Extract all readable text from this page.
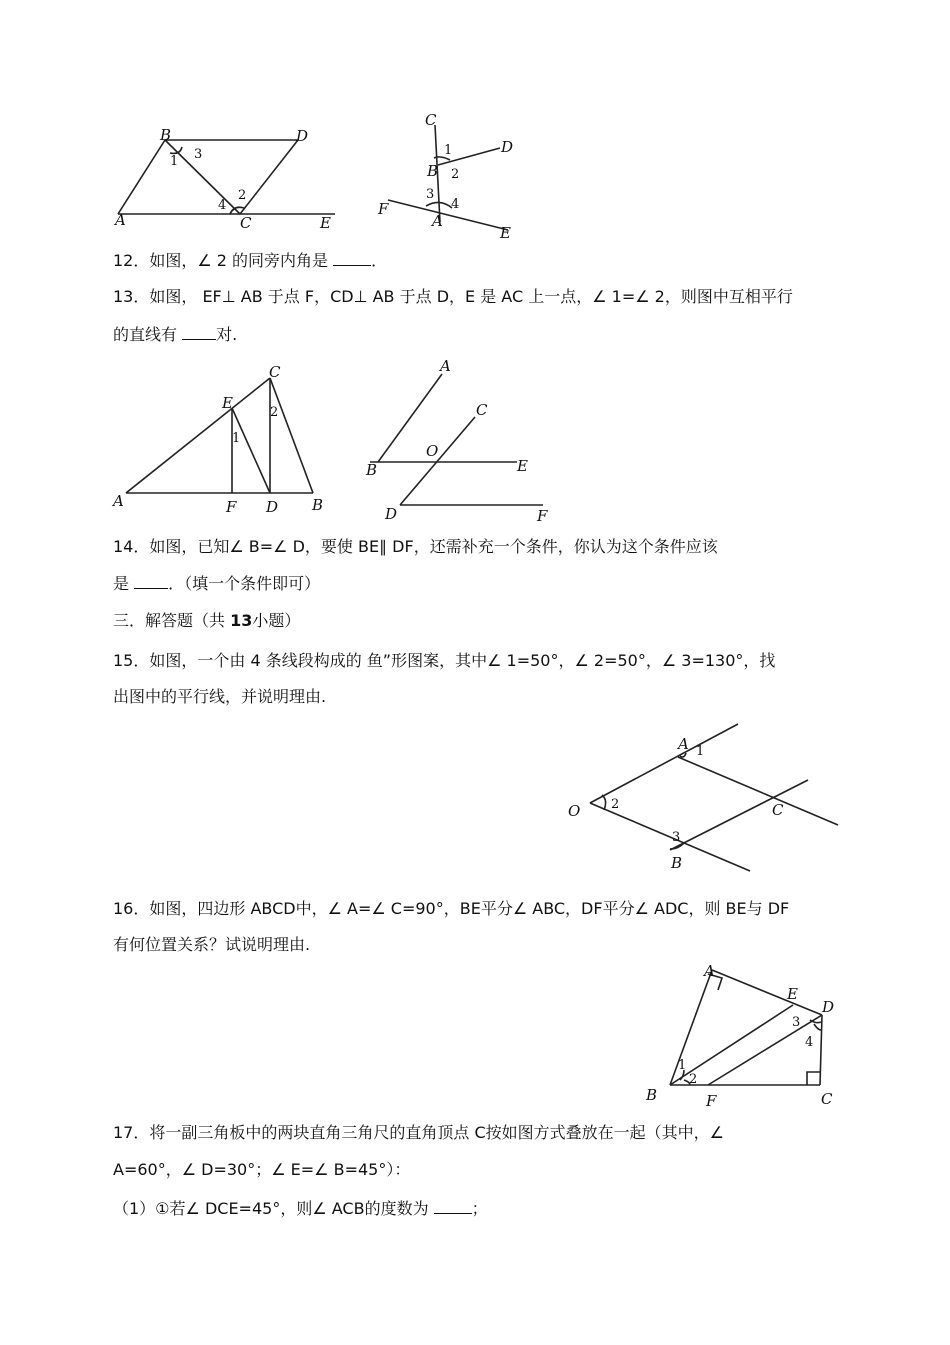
B	D
A	C	E
1 3
2
4
C
D
B
F
A
E
1
2
3
4
12．如图，∠ 2 的同旁内角是	．
13．如图， EF⊥ AB 于点 F，CD⊥ AB 于点 D，E 是 AC 上一点，∠ 1=∠ 2，则图中互相平行
的直线有 对.
C
E
A	F D B
1
2
A
C
O
B	E
D	F
14．如图，已知∠ B=∠ D，要使 BE∥ DF，还需补充一个条件，你认为这个条件应该
是 ．（填一个条件即可）
三．解答题（共 13小题）
15．如图，一个由 4 条线段构成的 鱼”形图案，其中∠ 1=50°，∠ 2=50°，∠ 3=130°，找
出图中的平行线，并说明理由.
A
O	C
B
1
2
3
16．如图，四边形 ABCD中，∠ A=∠ C=90°，BE平分∠ ABC，DF平分∠ ADC，则 BE与 DF
有何位置关系？试说明理由.
A
E
D
B	F	C
1
2
3
4
17．将一副三角板中的两块直角三角尺的直角顶点 C按如图方式叠放在一起（其中，∠
A=60°，∠ D=30°；∠ E=∠ B=45°）：
（1）①若∠ DCE=45°，则∠ ACB的度数为	；
